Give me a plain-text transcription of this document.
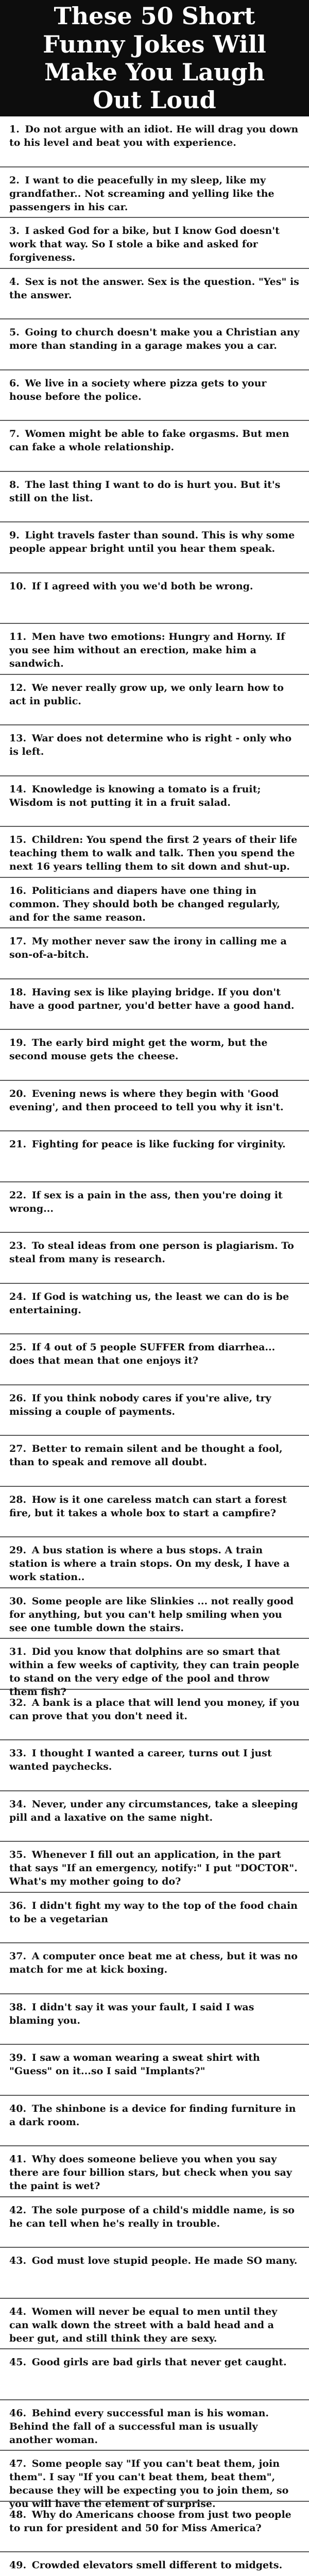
These 50 Short Funny Jokes Will Make You Laugh Out Loud
1. Do not argue with an idiot. He will drag you down to his level and beat you with experience.
2. I want to die peacefully in my sleep, like my grandfather.. Not screaming and yelling like the passengers in his car.
3. I asked God for a bike, but I know God doesn't work that way. So I stole a bike and asked for forgiveness.
4. Sex is not the answer. Sex is the question. "Yes" is the answer.
5. Going to church doesn't make you a Christian any more than standing in a garage makes you a car.
6. We live in a society where pizza gets to your house before the police.
7. Women might be able to fake orgasms. But men can fake a whole relationship.
8. The last thing I want to do is hurt you. But it's still on the list.
9. Light travels faster than sound. This is why some people appear bright until you hear them speak.
10. If I agreed with you we'd both be wrong.
11. Men have two emotions: Hungry and Horny. If you see him without an erection, make him a sandwich.
12. We never really grow up, we only learn how to act in public.
13. War does not determine who is right - only who is left.
14. Knowledge is knowing a tomato is a fruit; Wisdom is not putting it in a fruit salad.
15. Children: You spend the first 2 years of their life teaching them to walk and talk. Then you spend the next 16 years telling them to sit down and shut-up.
16. Politicians and diapers have one thing in common. They should both be changed regularly, and for the same reason.
17. My mother never saw the irony in calling me a son-of-a-bitch.
18. Having sex is like playing bridge. If you don't have a good partner, you'd better have a good hand.
19. The early bird might get the worm, but the second mouse gets the cheese.
20. Evening news is where they begin with 'Good evening', and then proceed to tell you why it isn't.
21. Fighting for peace is like fucking for virginity.
22. If sex is a pain in the ass, then you're doing it wrong...
23. To steal ideas from one person is plagiarism. To steal from many is research.
24. If God is watching us, the least we can do is be entertaining.
25. If 4 out of 5 people SUFFER from diarrhea... does that mean that one enjoys it?
26. If you think nobody cares if you're alive, try missing a couple of payments.
27. Better to remain silent and be thought a fool, than to speak and remove all doubt.
28. How is it one careless match can start a forest fire, but it takes a whole box to start a campfire?
29. A bus station is where a bus stops. A train station is where a train stops. On my desk, I have a work station..
30. Some people are like Slinkies ... not really good for anything, but you can't help smiling when you see one tumble down the stairs.
31. Did you know that dolphins are so smart that within a few weeks of captivity, they can train people to stand on the very edge of the pool and throw them fish?
32. A bank is a place that will lend you money, if you can prove that you don't need it.
33. I thought I wanted a career, turns out I just wanted paychecks.
34. Never, under any circumstances, take a sleeping pill and a laxative on the same night.
35. Whenever I fill out an application, in the part that says "If an emergency, notify:" I put "DOCTOR". What's my mother going to do?
36. I didn't fight my way to the top of the food chain to be a vegetarian
37. A computer once beat me at chess, but it was no match for me at kick boxing.
38. I didn't say it was your fault, I said I was blaming you.
39. I saw a woman wearing a sweat shirt with "Guess" on it...so I said "Implants?"
40. The shinbone is a device for finding furniture in a dark room.
41. Why does someone believe you when you say there are four billion stars, but check when you say the paint is wet?
42. The sole purpose of a child's middle name, is so he can tell when he's really in trouble.
43. God must love stupid people. He made SO many.
44. Women will never be equal to men until they can walk down the street with a bald head and a beer gut, and still think they are sexy.
45. Good girls are bad girls that never get caught.
46. Behind every successful man is his woman. Behind the fall of a successful man is usually another woman.
47. Some people say "If you can't beat them, join them". I say "If you can't beat them, beat them", because they will be expecting you to join them, so you will have the element of surprise.
48. Why do Americans choose from just two people to run for president and 50 for Miss America?
49. Crowded elevators smell different to midgets.
